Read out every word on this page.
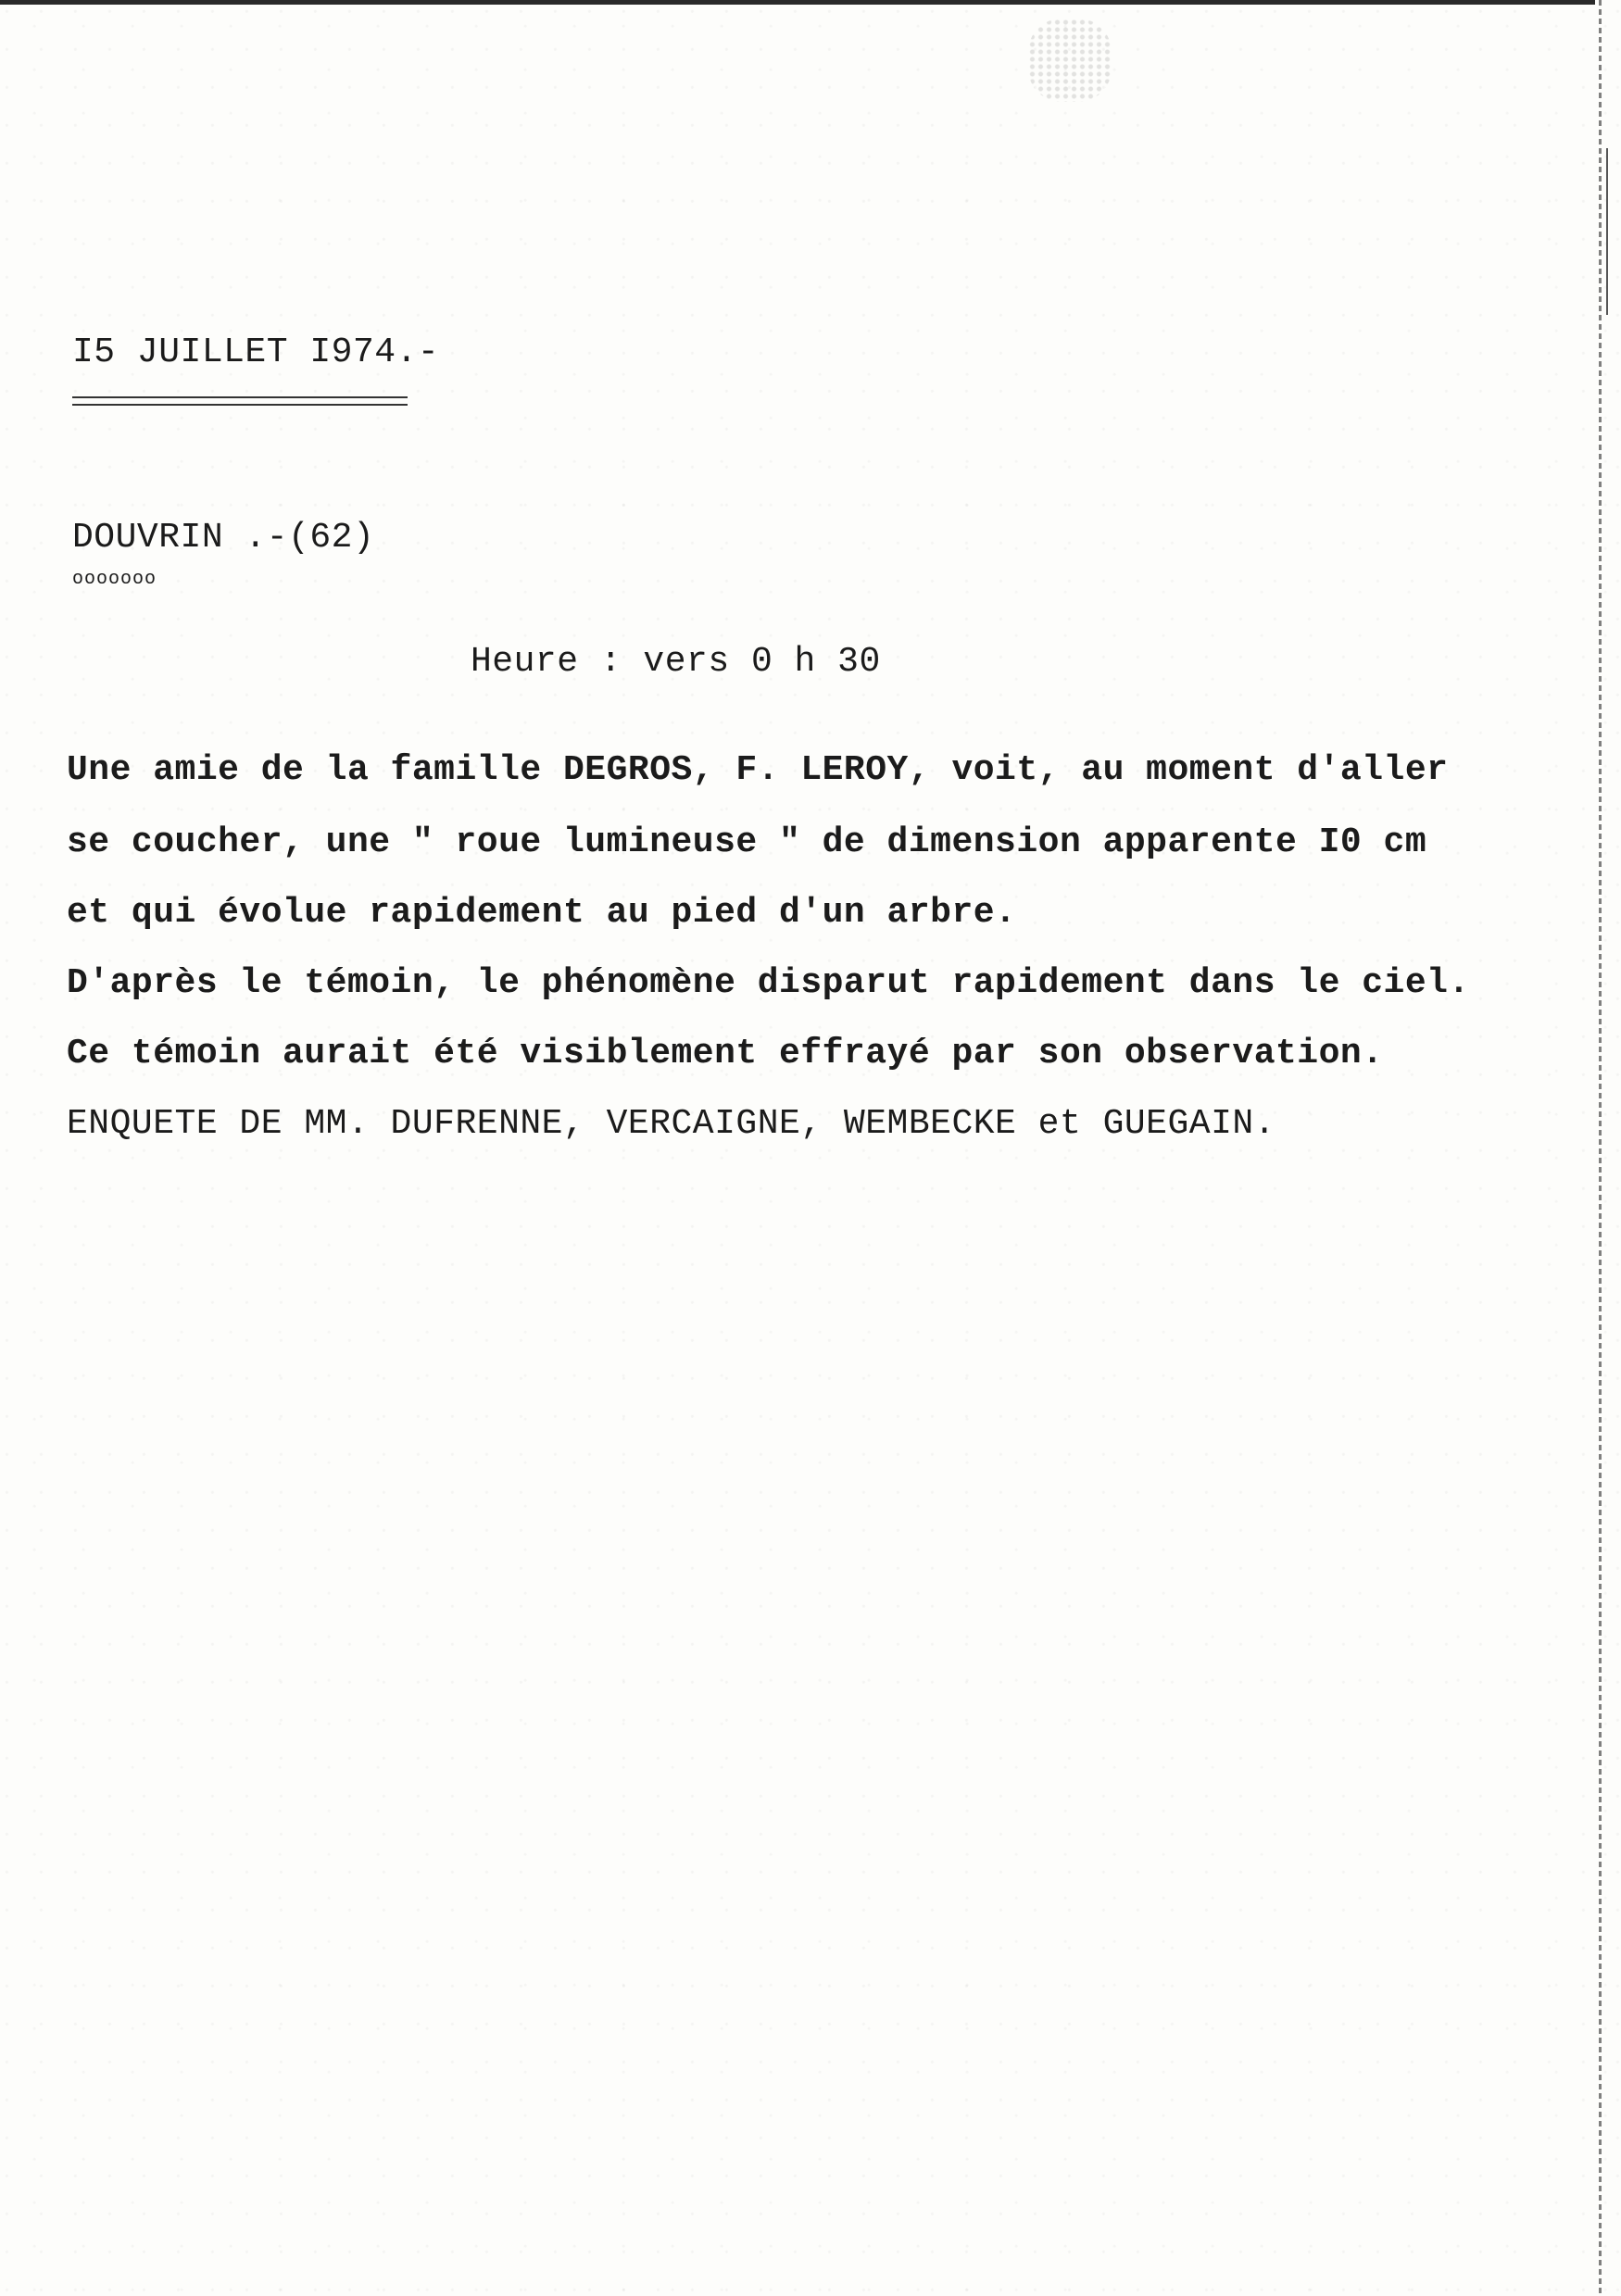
I5 JUILLET I974.-
DOUVRIN .-(62)
ooooooo
Heure : vers 0 h 30
Une amie de la famille DEGROS, F. LEROY, voit, au moment d'aller
se coucher, une " roue lumineuse " de dimension apparente I0 cm
et qui évolue rapidement au pied d'un arbre.
D'après le témoin, le phénomène disparut rapidement dans le ciel.
Ce témoin aurait été visiblement effrayé par son observation.
ENQUETE DE MM. DUFRENNE, VERCAIGNE, WEMBECKE et GUEGAIN.
